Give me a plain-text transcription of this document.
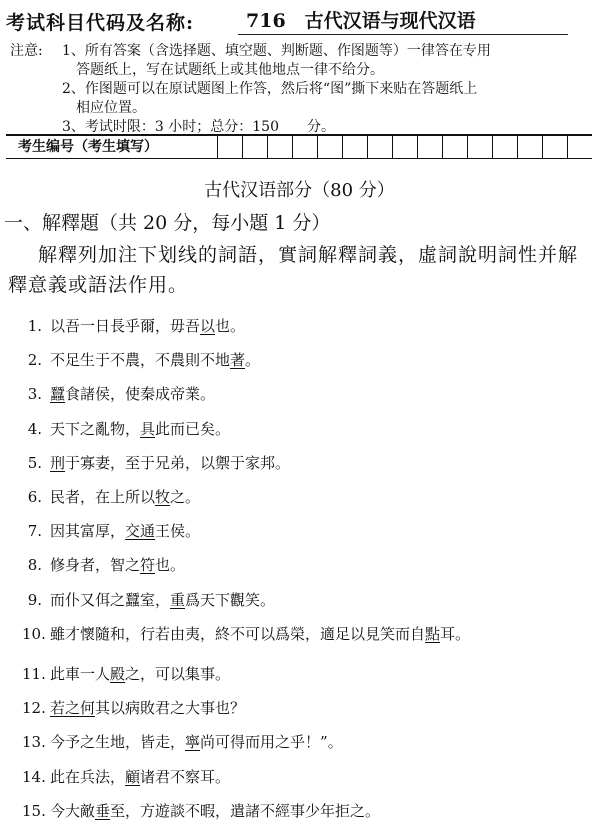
考试科目代码及名称:	716　古代汉语与现代汉语
注意: 1、所有答案（含选择题、填空题、判断题、作图题等）一律答在专用
答题纸上，写在试题纸上或其他地点一律不给分。
2、作图题可以在原试题图上作答，然后将“图”撕下来贴在答题纸上
相应位置。
3、考试时限：3 小时；总分：150　　分。
考生编号（考生填写）
古代汉语部分（80 分）
一、解釋題（共 20 分，每小題 1 分）
解釋列加注下划线的詞語，實詞解釋詞義，虛詞說明詞性并解釋意義或語法作用。
1. 以吾一日長乎爾，毋吾以也。
2. 不足生于不農，不農則不地著。
3. 蠶食諸侯，使秦成帝業。
4. 天下之亂物，具此而已矣。
5. 刑于寡妻，至于兄弟，以禦于家邦。
6. 民者，在上所以牧之。
7. 因其富厚，交通王侯。
8. 修身者，智之符也。
9. 而仆又佴之蠶室，重爲天下觀笑。
10. 雖才懷隨和，行若由夷，終不可以爲榮，適足以見笑而自點耳。
11. 此車一人殿之，可以集事。
12. 若之何其以病敗君之大事也？
13. 今予之生地，皆走，寧尚可得而用之乎！”。
14. 此在兵法，顧诸君不察耳。
15. 今大敵垂至，方遊談不暇，遣諸不經事少年拒之。
